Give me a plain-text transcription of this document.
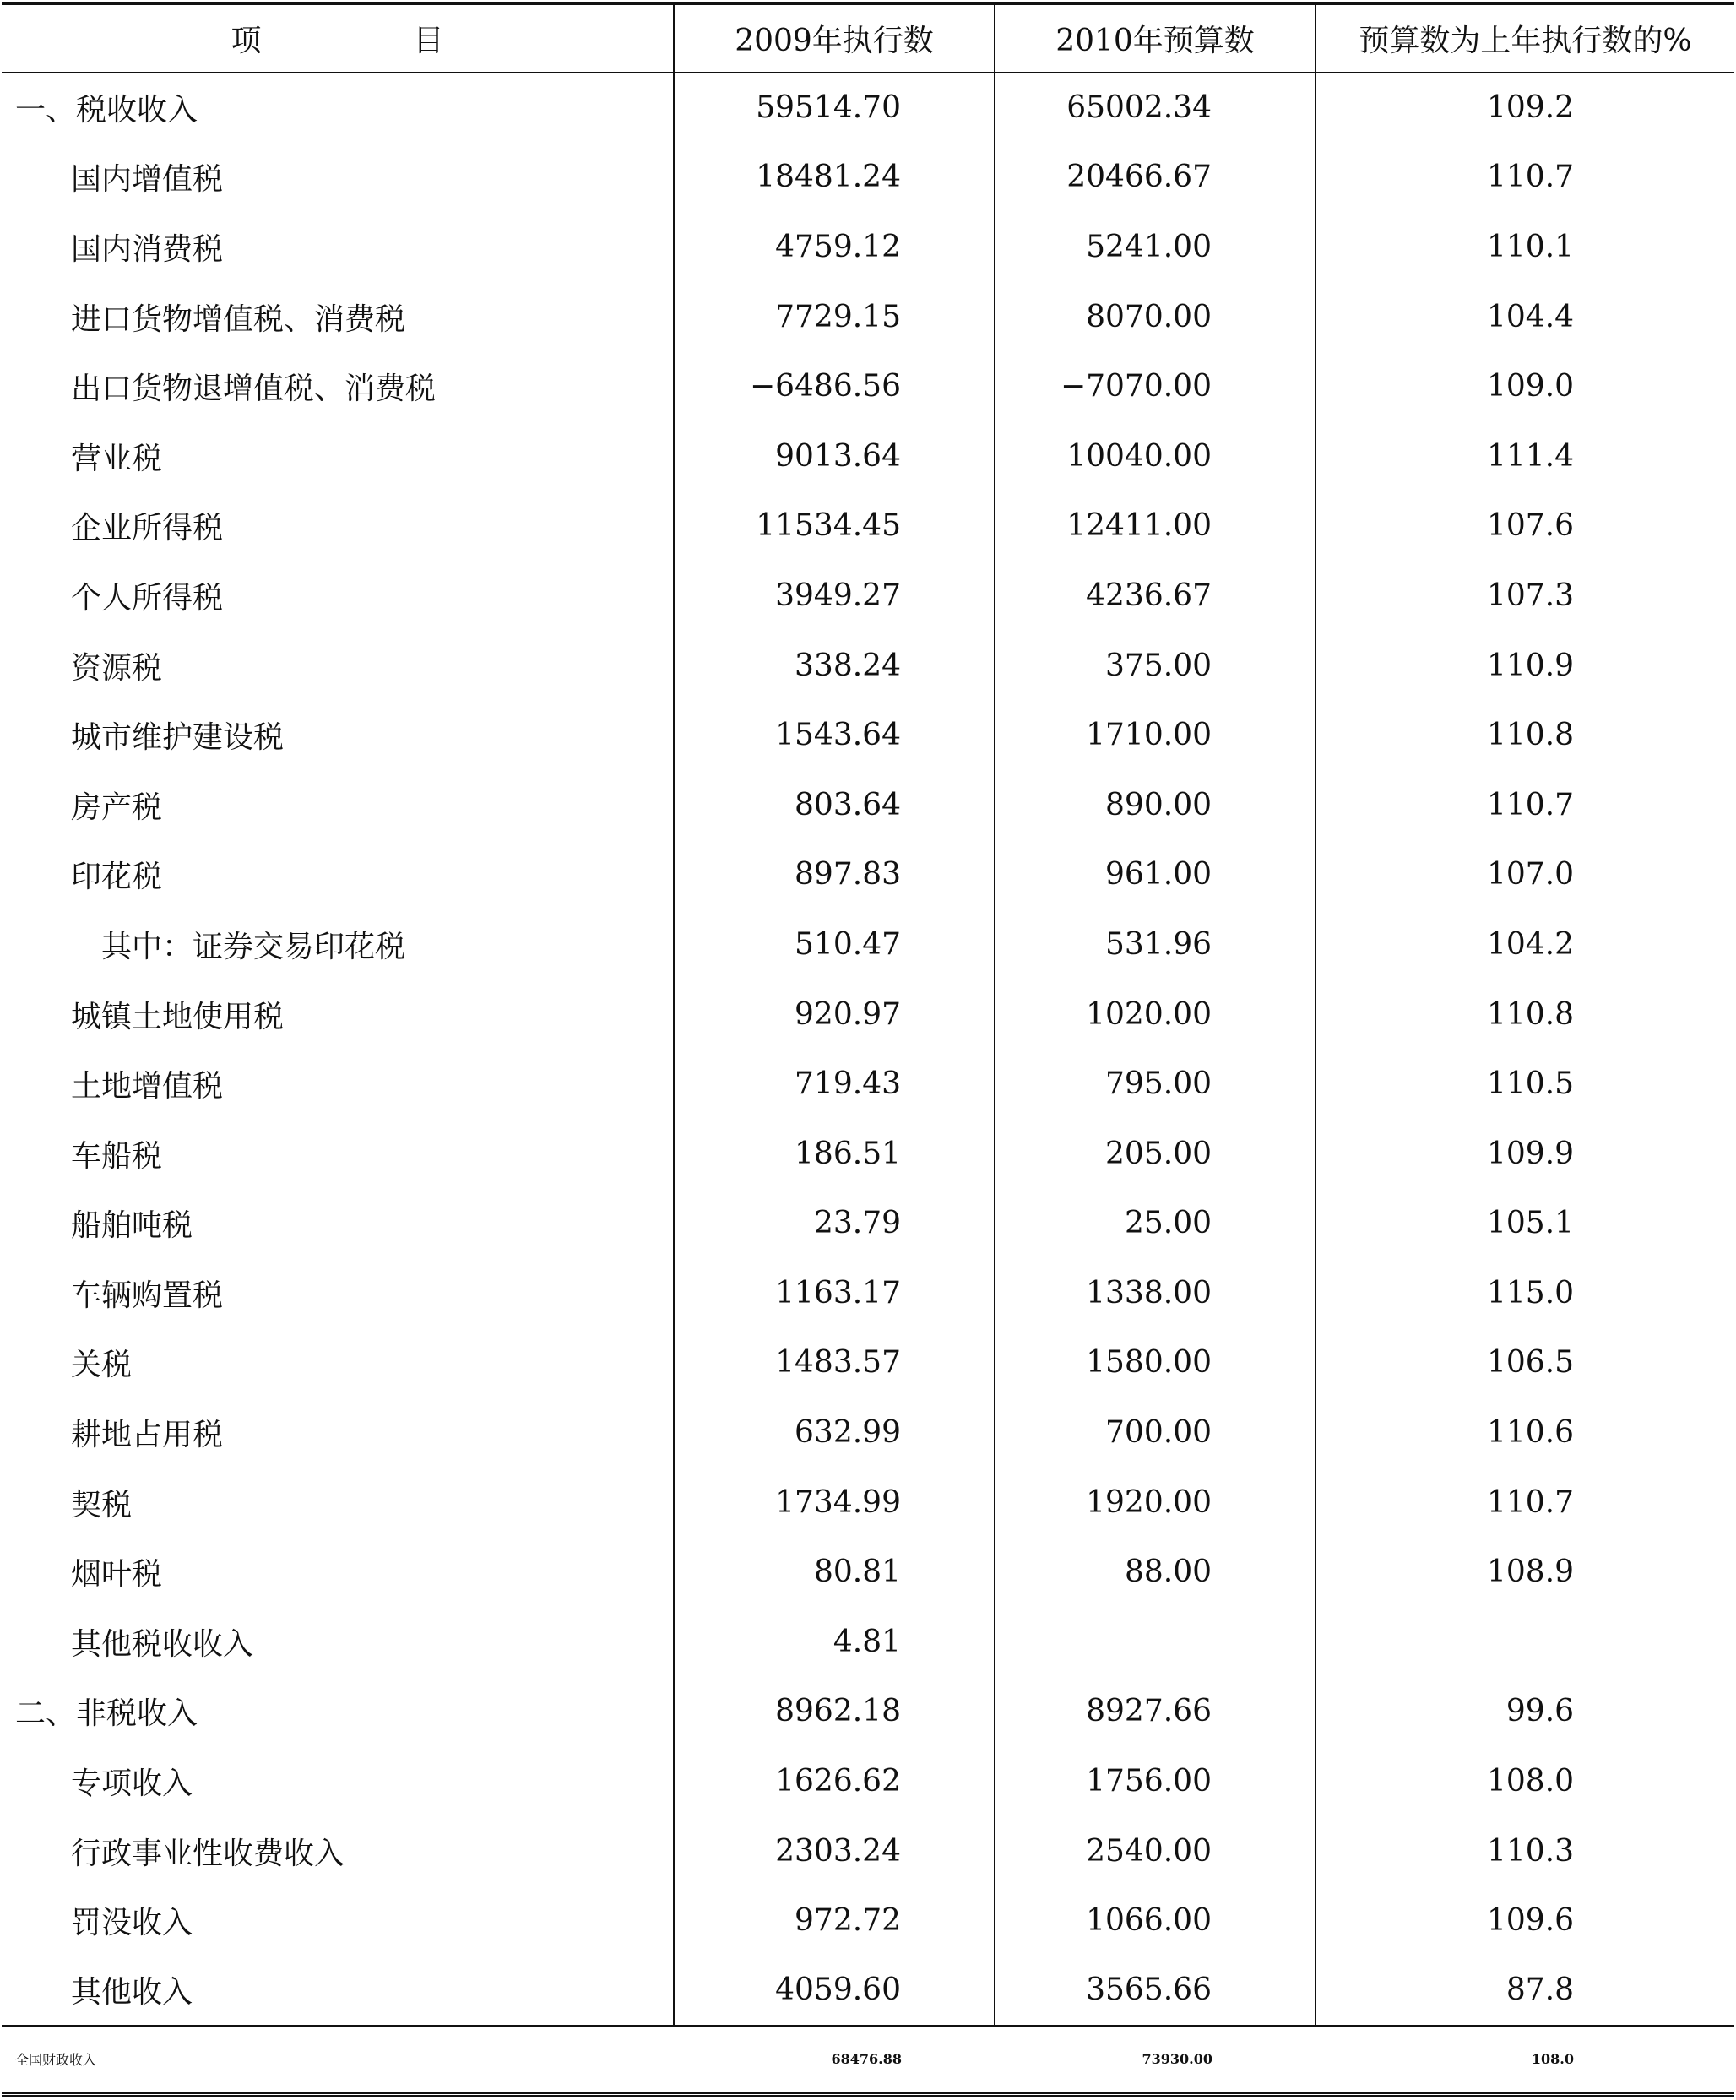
项 目	2009年执行数	2010年预算数	预算数为上年执行数的%
一、税收收入	59514.70	65002.34	109.2
国内增值税	18481.24	20466.67	110.7
国内消费税	4759.12	5241.00	110.1
进口货物增值税、消费税	7729.15	8070.00	104.4
出口货物退增值税、消费税	−6486.56	−7070.00	109.0
营业税	9013.64	10040.00	111.4
企业所得税	11534.45	12411.00	107.6
个人所得税	3949.27	4236.67	107.3
资源税	338.24	375.00	110.9
城市维护建设税	1543.64	1710.00	110.8
房产税	803.64	890.00	110.7
印花税	897.83	961.00	107.0
其中：证券交易印花税	510.47	531.96	104.2
城镇土地使用税	920.97	1020.00	110.8
土地增值税	719.43	795.00	110.5
车船税	186.51	205.00	109.9
船舶吨税	23.79	25.00	105.1
车辆购置税	1163.17	1338.00	115.0
关税	1483.57	1580.00	106.5
耕地占用税	632.99	700.00	110.6
契税	1734.99	1920.00	110.7
烟叶税	80.81	88.00	108.9
其他税收收入	4.81		
二、非税收入	8962.18	8927.66	99.6
专项收入	1626.62	1756.00	108.0
行政事业性收费收入	2303.24	2540.00	110.3
罚没收入	972.72	1066.00	109.6
其他收入	4059.60	3565.66	87.8
全国财政收入	68476.88	73930.00	108.0
